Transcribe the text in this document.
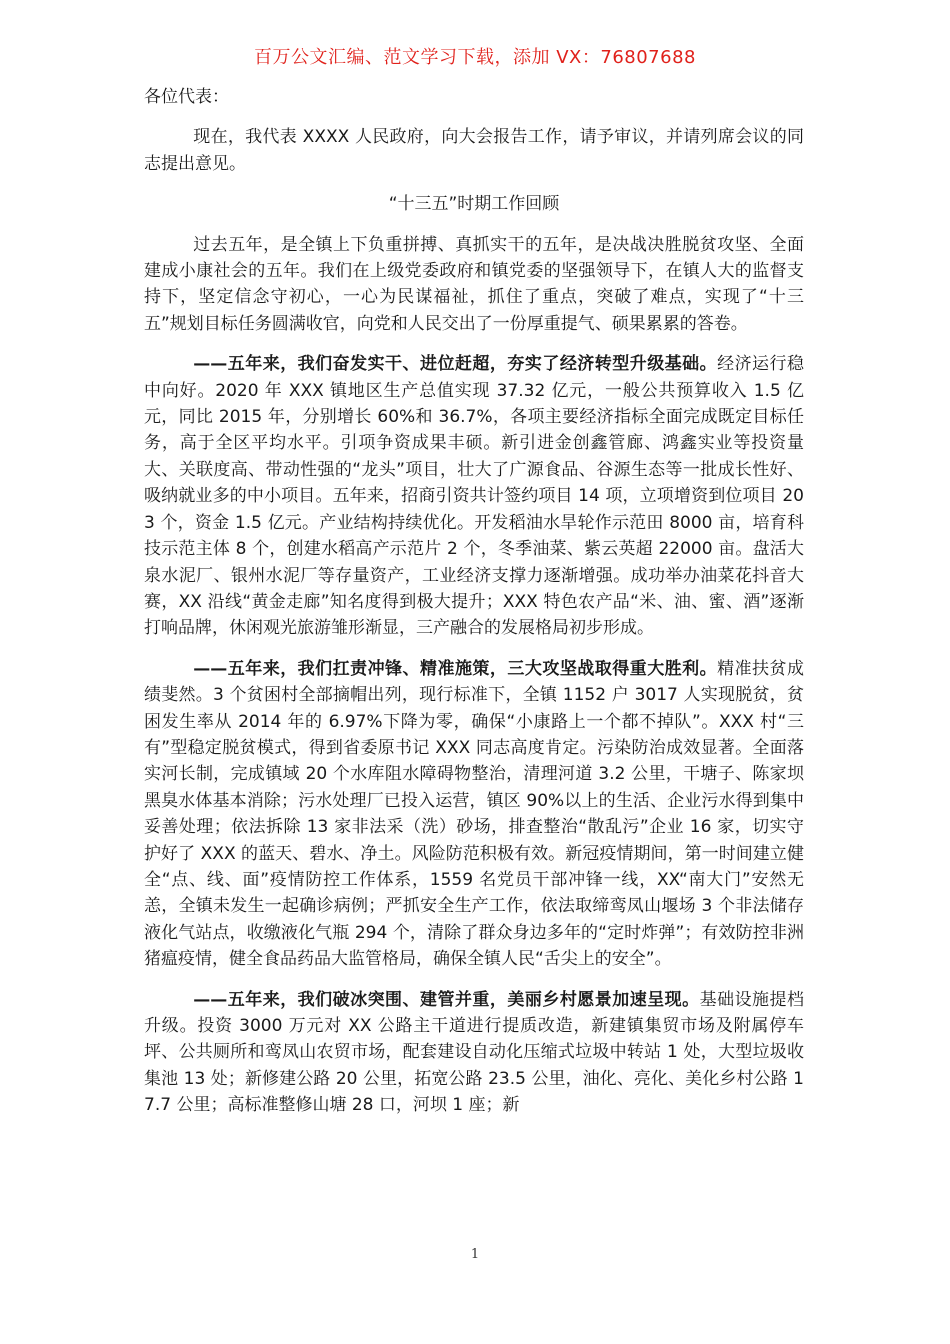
百万公文汇编、范文学习下载，添加 VX：76807688

各位代表：

现在，我代表 XXXX 人民政府，向大会报告工作，请予审议，并请列席会议的同志提出意见。

“十三五”时期工作回顾

过去五年，是全镇上下负重拼搏、真抓实干的五年，是决战决胜脱贫攻坚、全面建成小康社会的五年。我们在上级党委政府和镇党委的坚强领导下，在镇人大的监督支持下，坚定信念守初心，一心为民谋福祉，抓住了重点，突破了难点，实现了“十三五”规划目标任务圆满收官，向党和人民交出了一份厚重提气、硕果累累的答卷。

——五年来，我们奋发实干、进位赶超，夯实了经济转型升级基础。经济运行稳中向好。2020 年 XXX 镇地区生产总值实现 37.32 亿元，一般公共预算收入 1.5 亿元，同比 2015 年，分别增长 60%和 36.7%，各项主要经济指标全面完成既定目标任务，高于全区平均水平。引项争资成果丰硕。新引进金创鑫管廊、鸿鑫实业等投资量大、关联度高、带动性强的“龙头”项目，壮大了广源食品、谷源生态等一批成长性好、吸纳就业多的中小项目。五年来，招商引资共计签约项目 14 项，立项增资到位项目 203 个，资金 1.5 亿元。产业结构持续优化。开发稻油水旱轮作示范田 8000 亩，培育科技示范主体 8 个，创建水稻高产示范片 2 个，冬季油菜、紫云英超 22000 亩。盘活大泉水泥厂、银州水泥厂等存量资产，工业经济支撑力逐渐增强。成功举办油菜花抖音大赛，XX 沿线“黄金走廊”知名度得到极大提升；XXX 特色农产品“米、油、蜜、酒”逐渐打响品牌，休闲观光旅游雏形渐显，三产融合的发展格局初步形成。

——五年来，我们扛责冲锋、精准施策，三大攻坚战取得重大胜利。精准扶贫成绩斐然。3 个贫困村全部摘帽出列，现行标准下，全镇 1152 户 3017 人实现脱贫，贫困发生率从 2014 年的 6.97%下降为零，确保“小康路上一个都不掉队”。XXX 村“三有”型稳定脱贫模式，得到省委原书记 XXX 同志高度肯定。污染防治成效显著。全面落实河长制，完成镇域 20 个水库阻水障碍物整治，清理河道 3.2 公里，干塘子、陈家坝黑臭水体基本消除；污水处理厂已投入运营，镇区 90%以上的生活、企业污水得到集中妥善处理；依法拆除 13 家非法采（洗）砂场，排查整治“散乱污”企业 16 家，切实守护好了 XXX 的蓝天、碧水、净土。风险防范积极有效。新冠疫情期间，第一时间建立健全“点、线、面”疫情防控工作体系，1559 名党员干部冲锋一线，XX“南大门”安然无恙，全镇未发生一起确诊病例；严抓安全生产工作，依法取缔鸾凤山堰场 3 个非法储存液化气站点，收缴液化气瓶 294 个，清除了群众身边多年的“定时炸弹”；有效防控非洲猪瘟疫情，健全食品药品大监管格局，确保全镇人民“舌尖上的安全”。

——五年来，我们破冰突围、建管并重，美丽乡村愿景加速呈现。基础设施提档升级。投资 3000 万元对 XX 公路主干道进行提质改造，新建镇集贸市场及附属停车坪、公共厕所和鸾凤山农贸市场，配套建设自动化压缩式垃圾中转站 1 处，大型垃圾收集池 13 处；新修建公路 20 公里，拓宽公路 23.5 公里，油化、亮化、美化乡村公路 17.7 公里；高标准整修山塘 28 口，河坝 1 座；新

1
